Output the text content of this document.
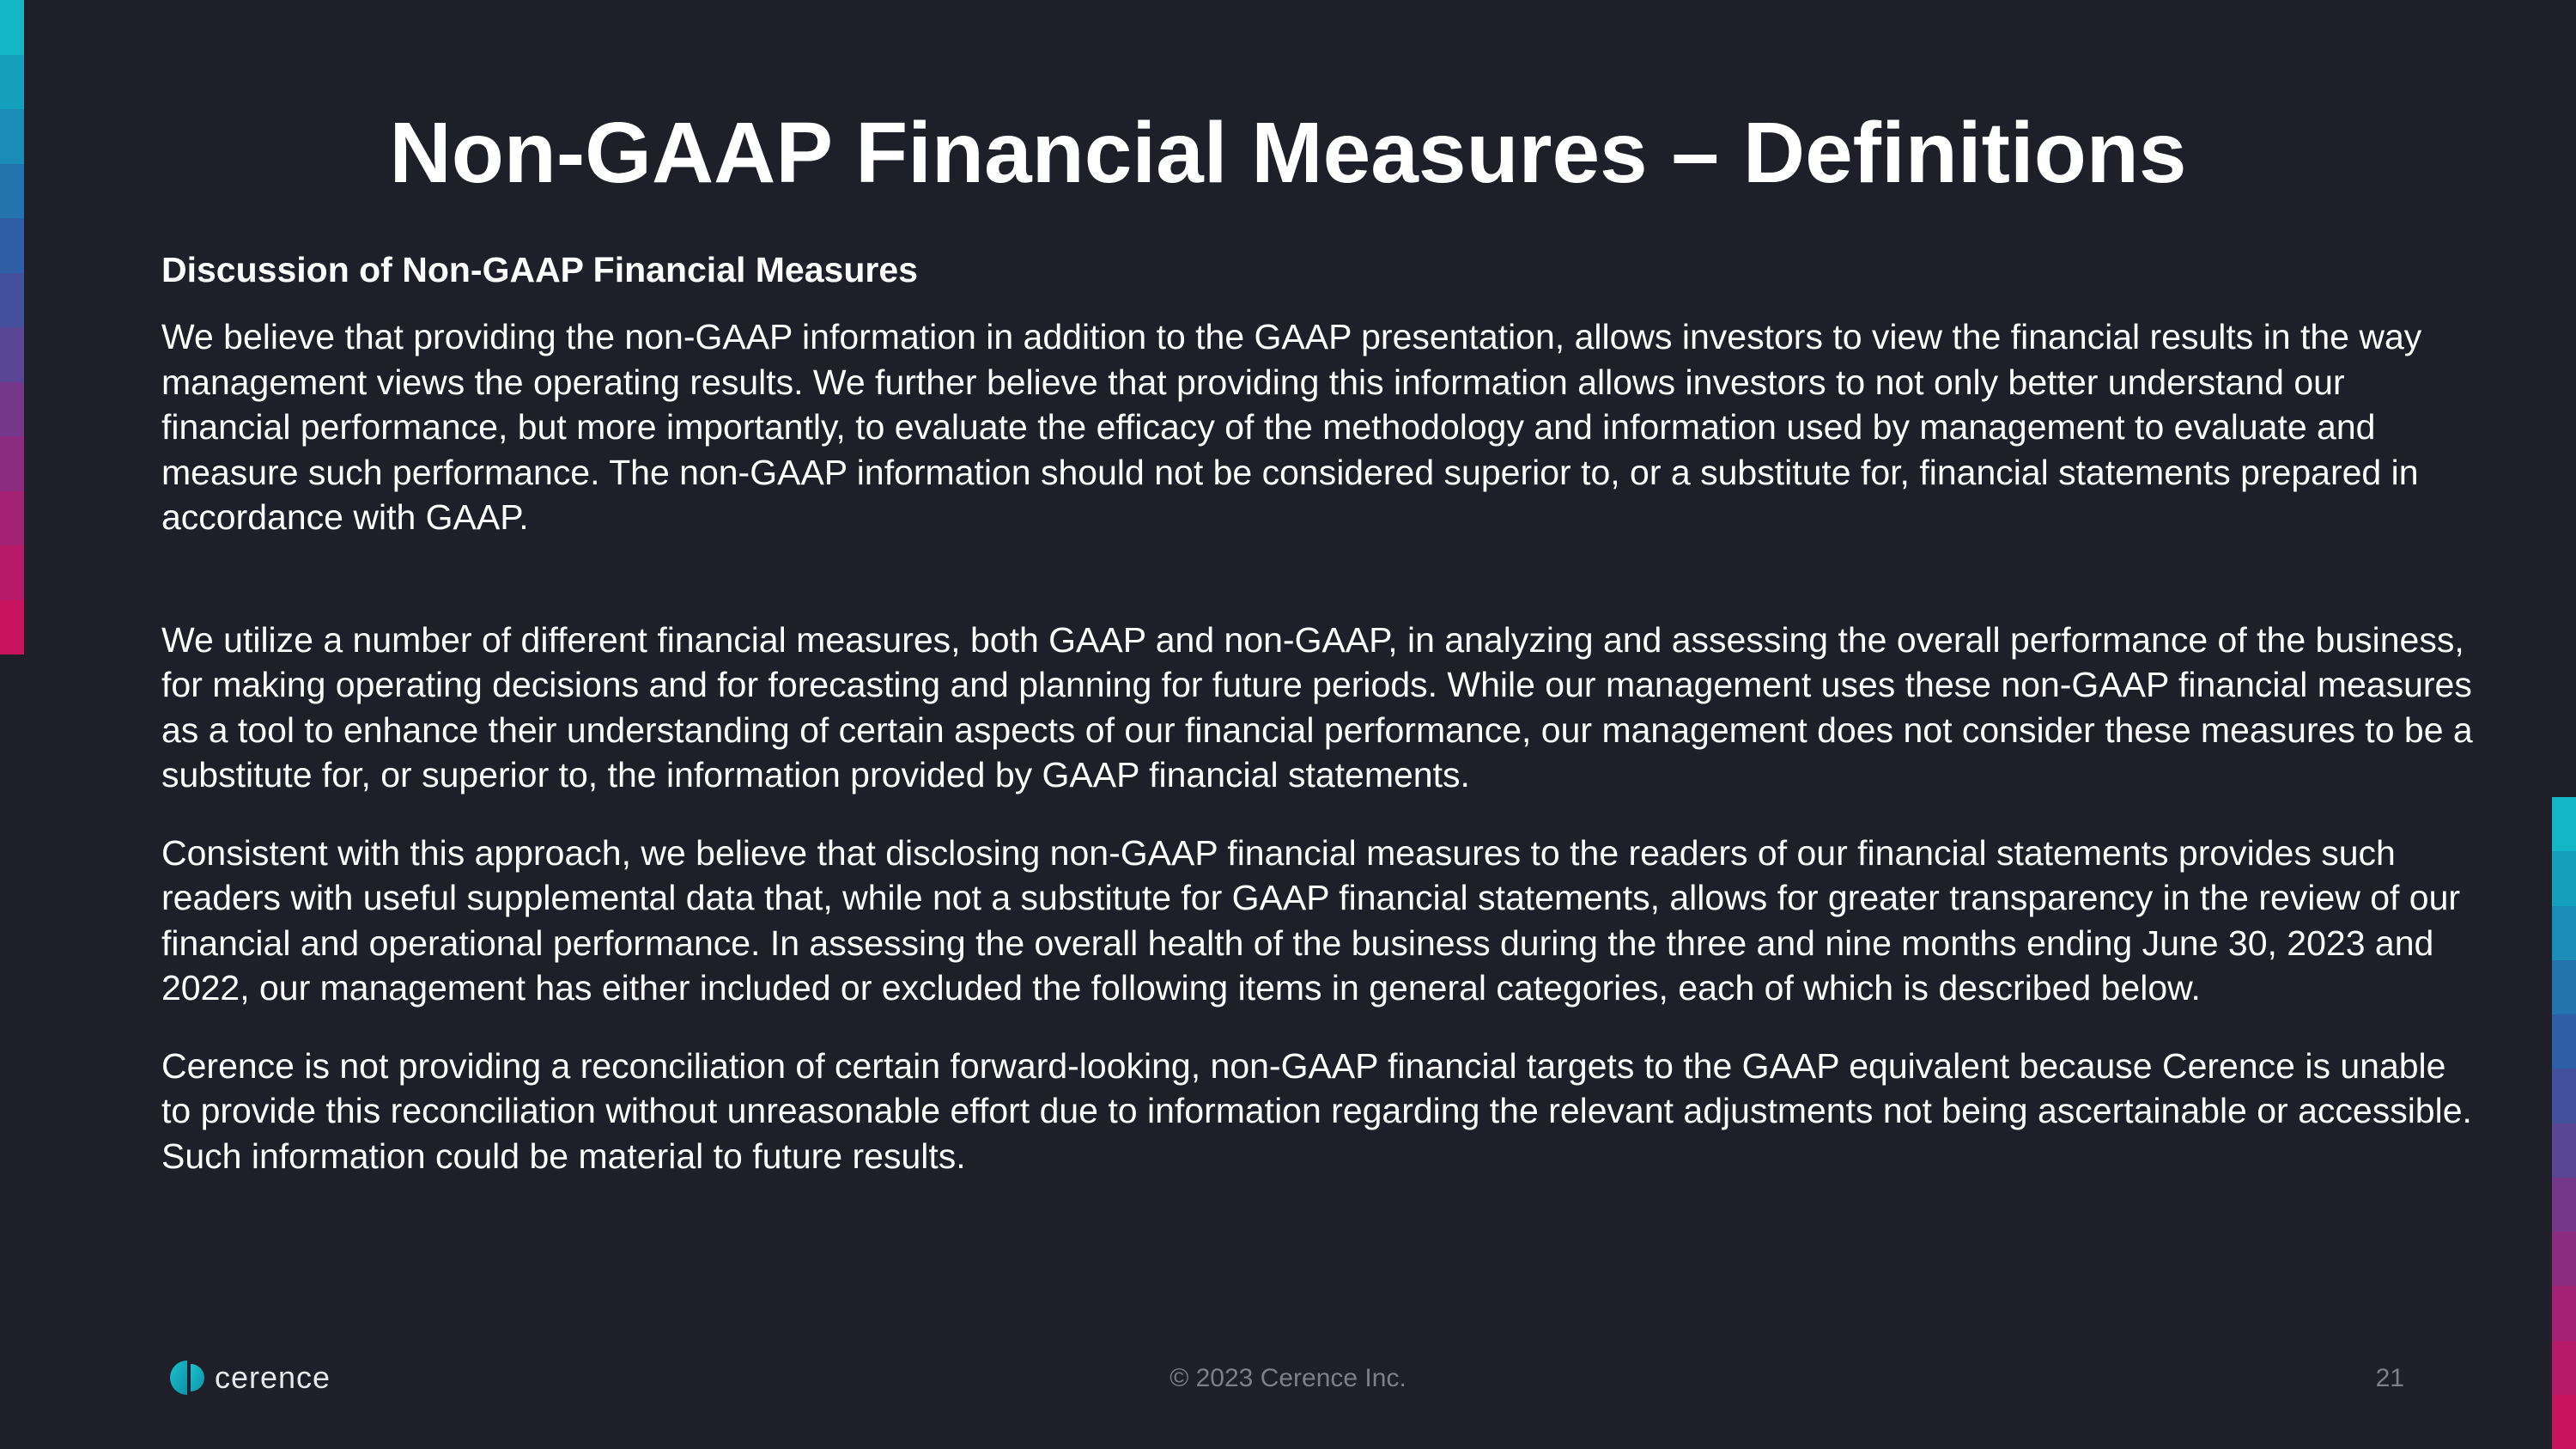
Non-GAAP Financial Measures – Definitions
Discussion of Non-GAAP Financial Measures

We believe that providing the non-GAAP information in addition to the GAAP presentation, allows investors to view the financial results in the way management views the operating results. We further believe that providing this information allows investors to not only better understand our financial performance, but more importantly, to evaluate the efficacy of the methodology and information used by management to evaluate and measure such performance. The non-GAAP information should not be considered superior to, or a substitute for, financial statements prepared in accordance with GAAP.

We utilize a number of different financial measures, both GAAP and non-GAAP, in analyzing and assessing the overall performance of the business, for making operating decisions and for forecasting and planning for future periods. While our management uses these non-GAAP financial measures as a tool to enhance their understanding of certain aspects of our financial performance, our management does not consider these measures to be a substitute for, or superior to, the information provided by GAAP financial statements.

Consistent with this approach, we believe that disclosing non-GAAP financial measures to the readers of our financial statements provides such readers with useful supplemental data that, while not a substitute for GAAP financial statements, allows for greater transparency in the review of our financial and operational performance. In assessing the overall health of the business during the three and nine months ending June 30, 2023 and 2022, our management has either included or excluded the following items in general categories, each of which is described below.

Cerence is not providing a reconciliation of certain forward-looking, non-GAAP financial targets to the GAAP equivalent because Cerence is unable to provide this reconciliation without unreasonable effort due to information regarding the relevant adjustments not being ascertainable or accessible. Such information could be material to future results.

cerence	© 2023 Cerence Inc.	21
